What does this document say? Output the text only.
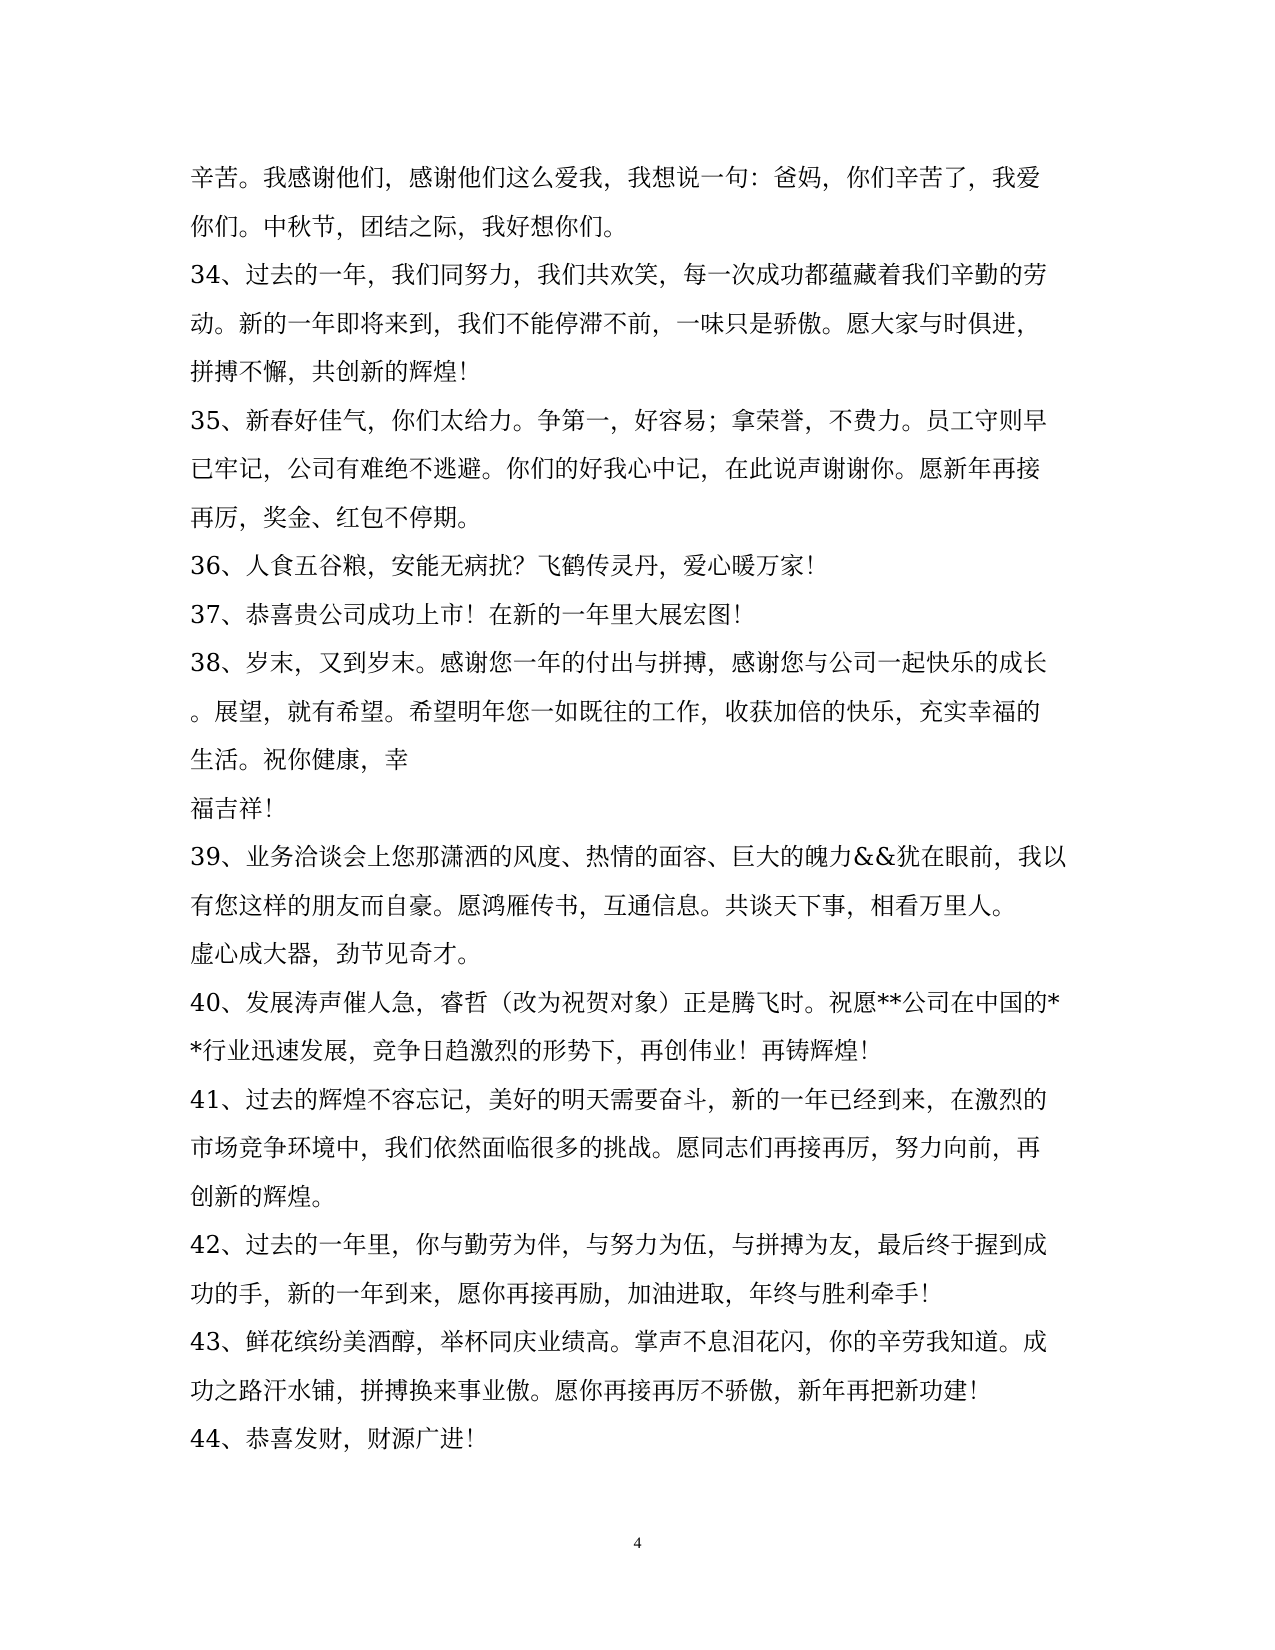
辛苦。我感谢他们，感谢他们这么爱我，我想说一句：爸妈，你们辛苦了，我爱
你们。中秋节，团结之际，我好想你们。
34、过去的一年，我们同努力，我们共欢笑，每一次成功都蕴藏着我们辛勤的劳
动。新的一年即将来到，我们不能停滞不前，一味只是骄傲。愿大家与时俱进，
拼搏不懈，共创新的辉煌！
35、新春好佳气，你们太给力。争第一，好容易；拿荣誉，不费力。员工守则早
已牢记，公司有难绝不逃避。你们的好我心中记，在此说声谢谢你。愿新年再接
再厉，奖金、红包不停期。
36、人食五谷粮，安能无病扰？飞鹤传灵丹，爱心暖万家！
37、恭喜贵公司成功上市！在新的一年里大展宏图！
38、岁末，又到岁末。感谢您一年的付出与拼搏，感谢您与公司一起快乐的成长
。展望，就有希望。希望明年您一如既往的工作，收获加倍的快乐，充实幸福的
生活。祝你健康，幸
福吉祥！
39、业务洽谈会上您那潇洒的风度、热情的面容、巨大的魄力&&犹在眼前，我以
有您这样的朋友而自豪。愿鸿雁传书，互通信息。共谈天下事，相看万里人。
虚心成大器，劲节见奇才。
40、发展涛声催人急，睿哲（改为祝贺对象）正是腾飞时。祝愿**公司在中国的*
*行业迅速发展，竞争日趋激烈的形势下，再创伟业！再铸辉煌！
41、过去的辉煌不容忘记，美好的明天需要奋斗，新的一年已经到来，在激烈的
市场竞争环境中，我们依然面临很多的挑战。愿同志们再接再厉，努力向前，再
创新的辉煌。
42、过去的一年里，你与勤劳为伴，与努力为伍，与拼搏为友，最后终于握到成
功的手，新的一年到来，愿你再接再励，加油进取，年终与胜利牵手！
43、鲜花缤纷美酒醇，举杯同庆业绩高。掌声不息泪花闪，你的辛劳我知道。成
功之路汗水铺，拼搏换来事业傲。愿你再接再厉不骄傲，新年再把新功建！
44、恭喜发财，财源广进！
4
